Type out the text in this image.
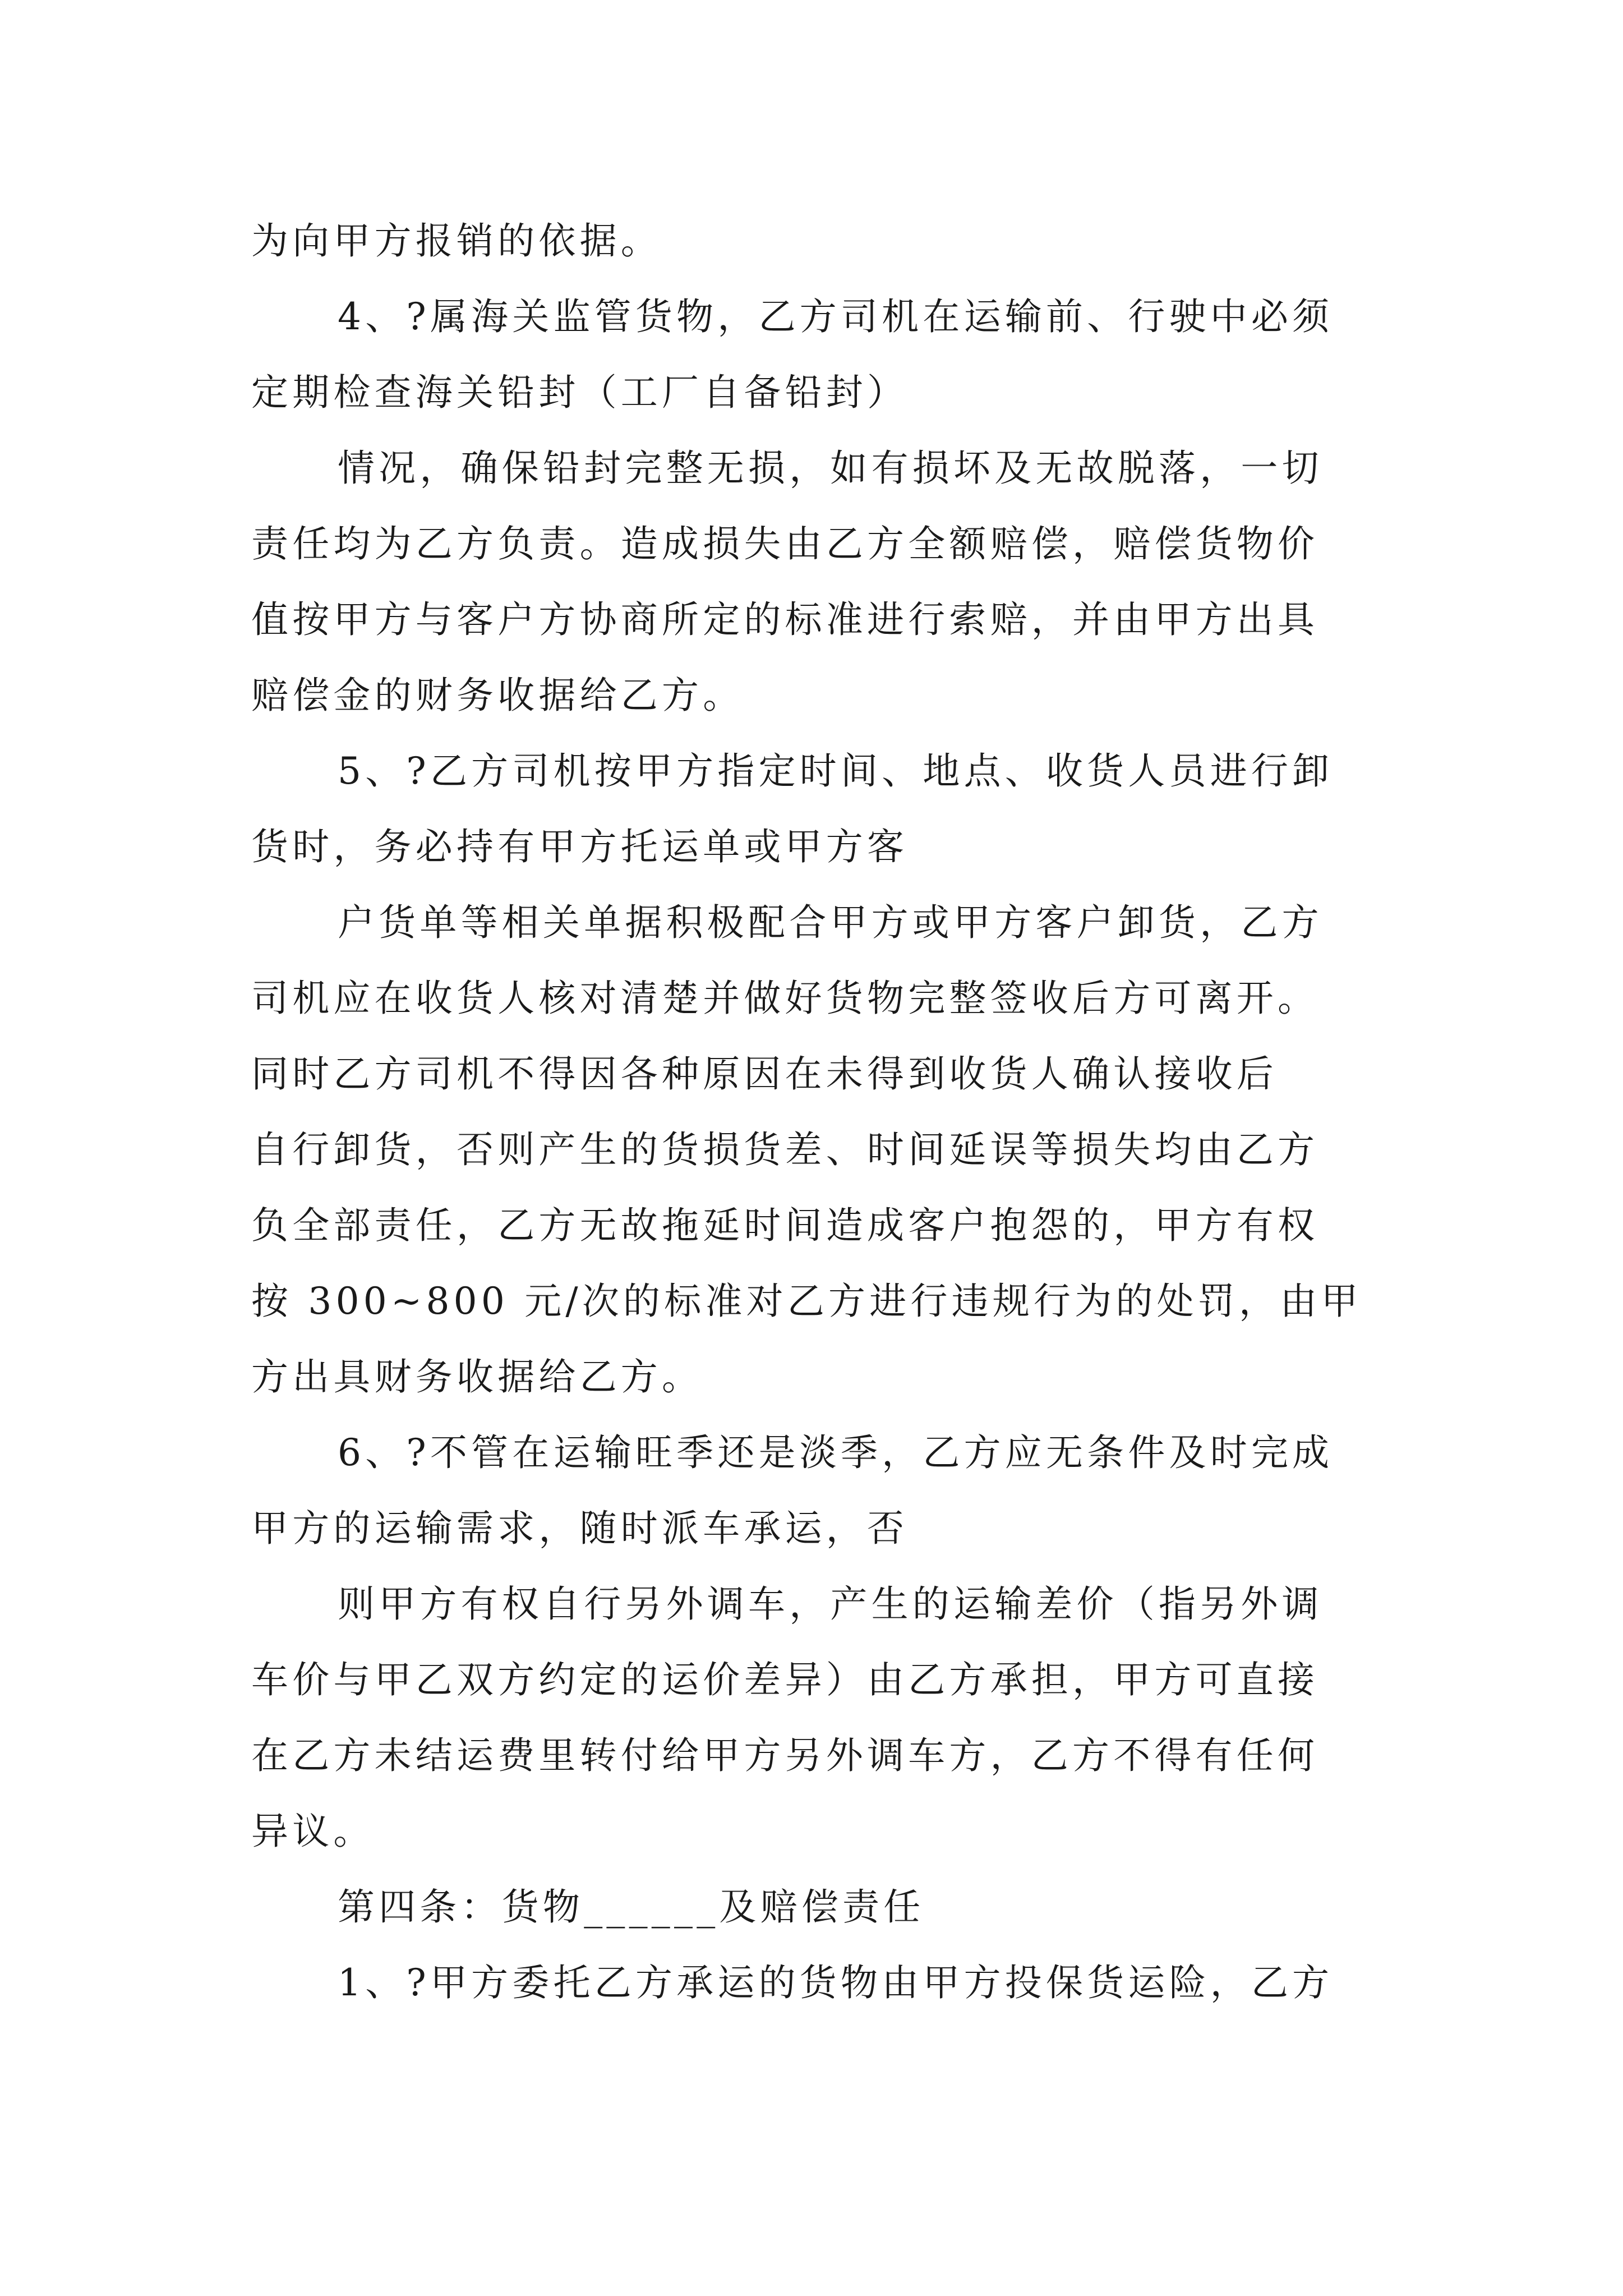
为向甲方报销的依据。
4、?属海关监管货物，乙方司机在运输前、行驶中必须
定期检查海关铅封（工厂自备铅封）
情况，确保铅封完整无损，如有损坏及无故脱落，一切
责任均为乙方负责。造成损失由乙方全额赔偿，赔偿货物价
值按甲方与客户方协商所定的标准进行索赔，并由甲方出具
赔偿金的财务收据给乙方。
5、?乙方司机按甲方指定时间、地点、收货人员进行卸
货时，务必持有甲方托运单或甲方客
户货单等相关单据积极配合甲方或甲方客户卸货，乙方
司机应在收货人核对清楚并做好货物完整签收后方可离开。
同时乙方司机不得因各种原因在未得到收货人确认接收后
自行卸货，否则产生的货损货差、时间延误等损失均由乙方
负全部责任，乙方无故拖延时间造成客户抱怨的，甲方有权
按 300~800 元/次的标准对乙方进行违规行为的处罚，由甲
方出具财务收据给乙方。
6、?不管在运输旺季还是淡季，乙方应无条件及时完成
甲方的运输需求，随时派车承运，否
则甲方有权自行另外调车，产生的运输差价（指另外调
车价与甲乙双方约定的运价差异）由乙方承担，甲方可直接
在乙方未结运费里转付给甲方另外调车方，乙方不得有任何
异议。
第四条：货物______及赔偿责任
1、?甲方委托乙方承运的货物由甲方投保货运险，乙方
